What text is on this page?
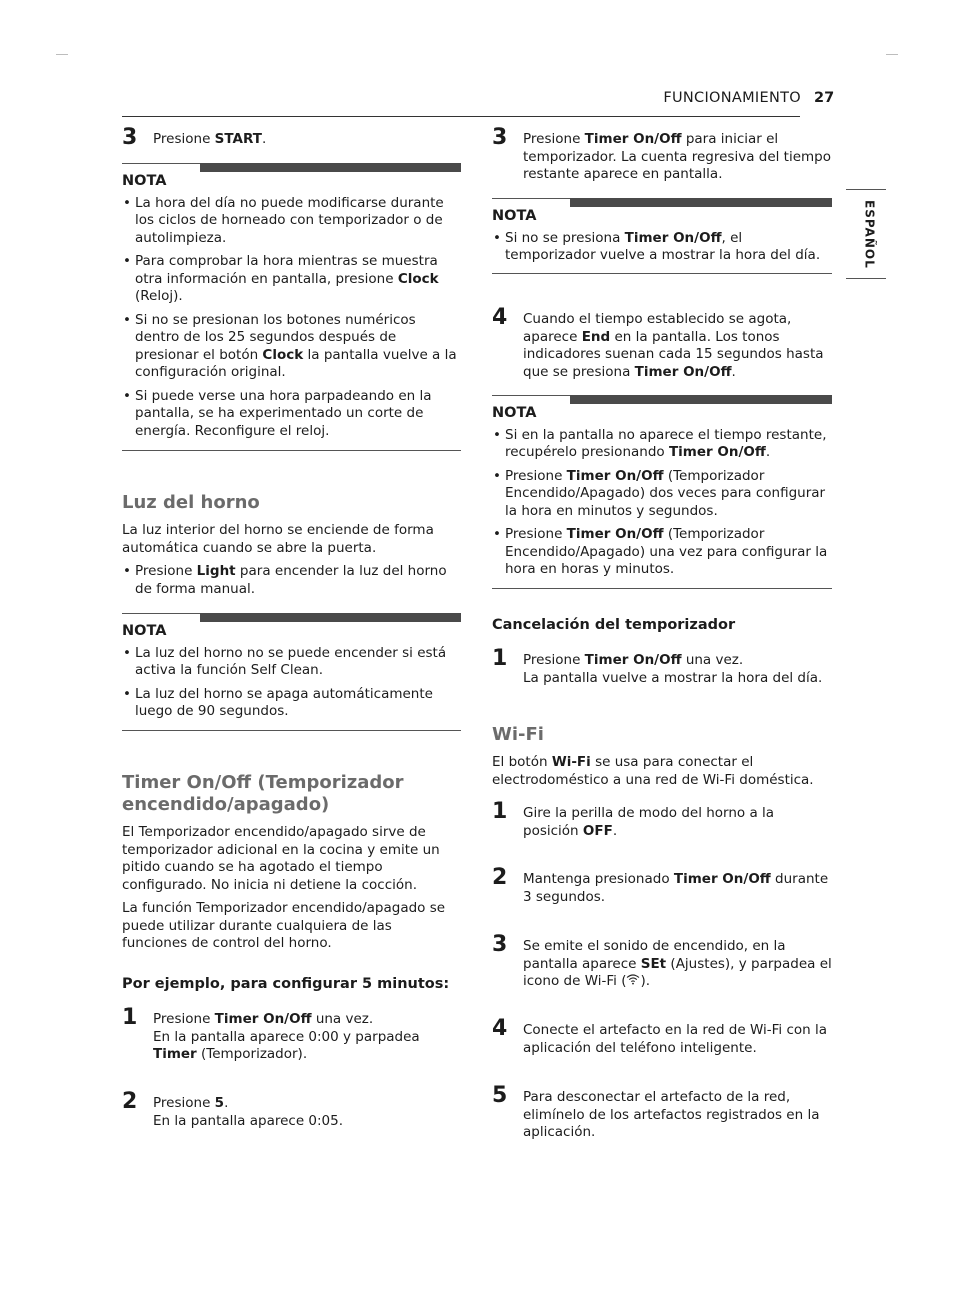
FUNCIONAMIENTO 27
ESPAÑOL
3 Presione START.
NOTA
• La hora del día no puede modificarse durante los ciclos de horneado con temporizador o de autolimpieza.
• Para comprobar la hora mientras se muestra otra información en pantalla, presione Clock (Reloj).
• Si no se presionan los botones numéricos dentro de los 25 segundos después de presionar el botón Clock la pantalla vuelve a la configuración original.
• Si puede verse una hora parpadeando en la pantalla, se ha experimentado un corte de energía. Reconfigure el reloj.
Luz del horno
La luz interior del horno se enciende de forma automática cuando se abre la puerta.
• Presione Light para encender la luz del horno de forma manual.
NOTA
• La luz del horno no se puede encender si está activa la función Self Clean.
• La luz del horno se apaga automáticamente luego de 90 segundos.
Timer On/Off (Temporizador encendido/apagado)
El Temporizador encendido/apagado sirve de temporizador adicional en la cocina y emite un pitido cuando se ha agotado el tiempo configurado. No inicia ni detiene la cocción.
La función Temporizador encendido/apagado se puede utilizar durante cualquiera de las funciones de control del horno.
Por ejemplo, para configurar 5 minutos:
1 Presione Timer On/Off una vez.
En la pantalla aparece 0:00 y parpadea Timer (Temporizador).
2 Presione 5.
En la pantalla aparece 0:05.
3 Presione Timer On/Off para iniciar el temporizador. La cuenta regresiva del tiempo restante aparece en pantalla.
NOTA
• Si no se presiona Timer On/Off, el temporizador vuelve a mostrar la hora del día.
4 Cuando el tiempo establecido se agota, aparece End en la pantalla. Los tonos indicadores suenan cada 15 segundos hasta que se presiona Timer On/Off.
NOTA
• Si en la pantalla no aparece el tiempo restante, recupérelo presionando Timer On/Off.
• Presione Timer On/Off (Temporizador Encendido/Apagado) dos veces para configurar la hora en minutos y segundos.
• Presione Timer On/Off (Temporizador Encendido/Apagado) una vez para configurar la hora en horas y minutos.
Cancelación del temporizador
1 Presione Timer On/Off una vez.
La pantalla vuelve a mostrar la hora del día.
Wi-Fi
El botón Wi-Fi se usa para conectar el electrodoméstico a una red de Wi-Fi doméstica.
1 Gire la perilla de modo del horno a la posición OFF.
2 Mantenga presionado Timer On/Off durante 3 segundos.
3 Se emite el sonido de encendido, en la pantalla aparece SEt (Ajustes), y parpadea el icono de Wi-Fi ( ).
4 Conecte el artefacto en la red de Wi-Fi con la aplicación del teléfono inteligente.
5 Para desconectar el artefacto de la red, elimínelo de los artefactos registrados en la aplicación.
